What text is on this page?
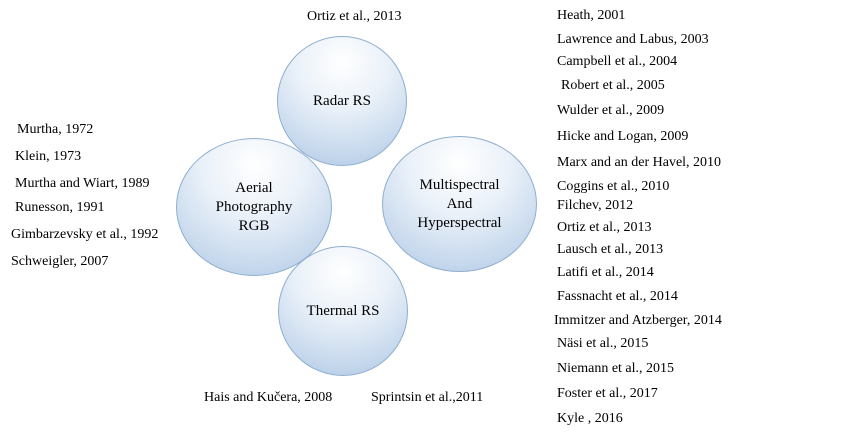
Radar RS
Aerial
Photography
RGB
Multispectral
And
Hyperspectral
Thermal RS
Ortiz et al., 2013
Hais and Kučera, 2008	Sprintsin et al.,2011
Murtha, 1972
Klein, 1973
Murtha and Wiart, 1989
Runesson, 1991
Gimbarzevsky et al., 1992
Schweigler, 2007
Heath, 2001
Lawrence and Labus, 2003
Campbell et al., 2004
Robert et al., 2005
Wulder et al., 2009
Hicke and Logan, 2009
Marx and an der Havel, 2010
Coggins et al., 2010
Filchev, 2012
Ortiz et al., 2013
Lausch et al., 2013
Latifi et al., 2014
Fassnacht et al., 2014
Immitzer and Atzberger, 2014
Näsi et al., 2015
Niemann et al., 2015
Foster et al., 2017
Kyle , 2016
